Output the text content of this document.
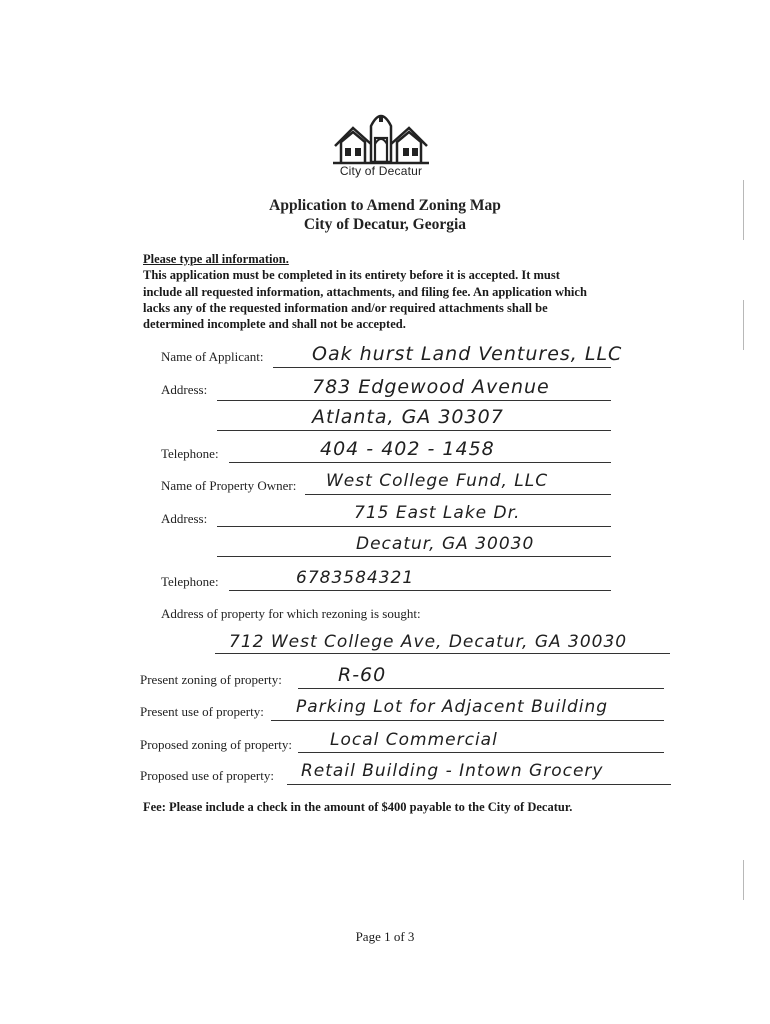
City of Decatur
Application to Amend Zoning Map
City of Decatur, Georgia
Please type all information.
This application must be completed in its entirety before it is accepted. It must
include all requested information, attachments, and filing fee. An application which
lacks any of the requested information and/or required attachments shall be
determined incomplete and shall not be accepted.
Name of Applicant:	Oak hurst Land Ventures, LLC
Address:	783 Edgewood Avenue
Atlanta, GA 30307
Telephone:	404 - 402 - 1458
Name of Property Owner: West College Fund, LLC
Address:	715 East Lake Dr.
Decatur, GA 30030
Telephone:	6783584321
Address of property for which rezoning is sought:
712 West College Ave, Decatur, GA 30030
Present zoning of property:	R-60
Present use of property: Parking Lot for Adjacent Building
Proposed zoning of property: Local Commercial
Proposed use of property: Retail Building - Intown Grocery
Fee: Please include a check in the amount of $400 payable to the City of Decatur.
Page 1 of 3
